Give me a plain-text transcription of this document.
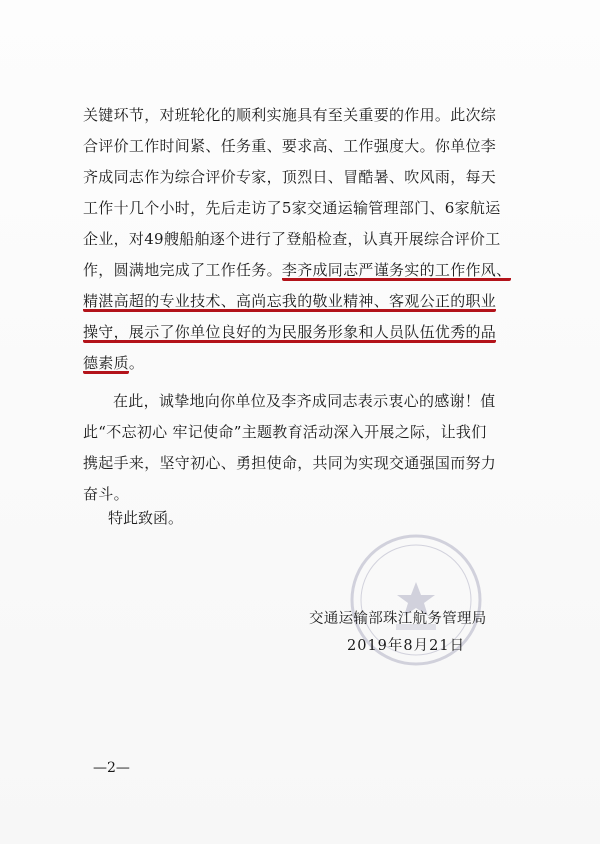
关键环节，对班轮化的顺利实施具有至关重要的作用。此次综
合评价工作时间紧、任务重、要求高、工作强度大。你单位李
齐成同志作为综合评价专家，顶烈日、冒酷暑、吹风雨，每天
工作十几个小时，先后走访了5家交通运输管理部门、6家航运
企业，对49艘船舶逐个进行了登船检查，认真开展综合评价工
作，圆满地完成了工作任务。李齐成同志严谨务实的工作作风、
精湛高超的专业技术、高尚忘我的敬业精神、客观公正的职业
操守，展示了你单位良好的为民服务形象和人员队伍优秀的品
德素质。

在此，诚挚地向你单位及李齐成同志表示衷心的感谢！值
此“不忘初心 牢记使命”主题教育活动深入开展之际，让我们
携起手来，坚守初心、勇担使命，共同为实现交通强国而努力
奋斗。

特此致函。
交通运输部珠江航务管理局
2019年8月21日
—2—
